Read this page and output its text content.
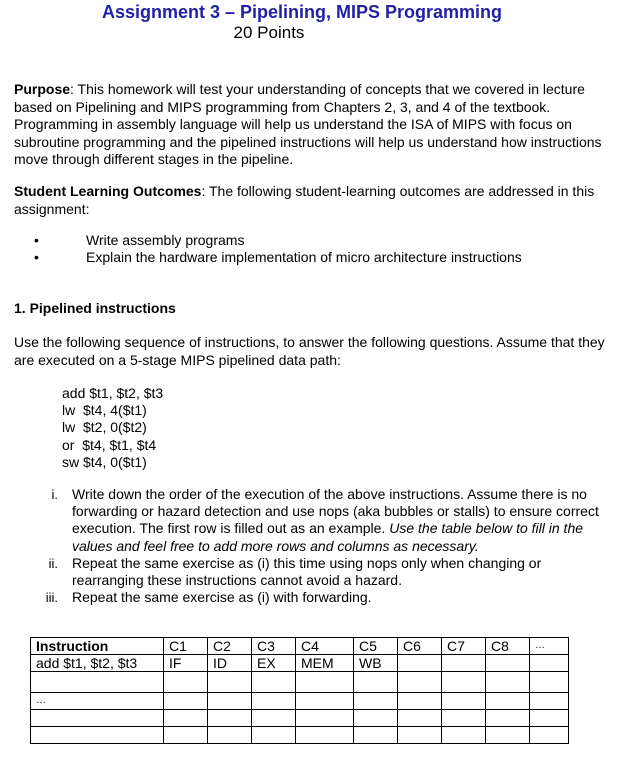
Assignment 3 – Pipelining, MIPS Programming
20 Points
Purpose: This homework will test your understanding of concepts that we covered in lecture based on Pipelining and MIPS programming from Chapters 2, 3, and 4 of the textbook. Programming in assembly language will help us understand the ISA of MIPS with focus on subroutine programming and the pipelined instructions will help us understand how instructions move through different stages in the pipeline.
Student Learning Outcomes: The following student-learning outcomes are addressed in this assignment:
•	Write assembly programs
•	Explain the hardware implementation of micro architecture instructions
1. Pipelined instructions
Use the following sequence of instructions, to answer the following questions. Assume that they are executed on a 5-stage MIPS pipelined data path:
add $t1, $t2, $t3
lw  $t4, 4($t1)
lw  $t2, 0($t2)
or  $t4, $t1, $t4
sw $t4, 0($t1)
i.	Write down the order of the execution of the above instructions. Assume there is no forwarding or hazard detection and use nops (aka bubbles or stalls) to ensure correct execution. The first row is filled out as an example. Use the table below to fill in the values and feel free to add more rows and columns as necessary.
ii.	Repeat the same exercise as (i) this time using nops only when changing or rearranging these instructions cannot avoid a hazard.
iii.	Repeat the same exercise as (i) with forwarding.
Instruction	C1	C2	C3	C4	C5	C6	C7	C8	…
add $t1, $t2, $t3	IF	ID	EX	MEM	WB				

…									
